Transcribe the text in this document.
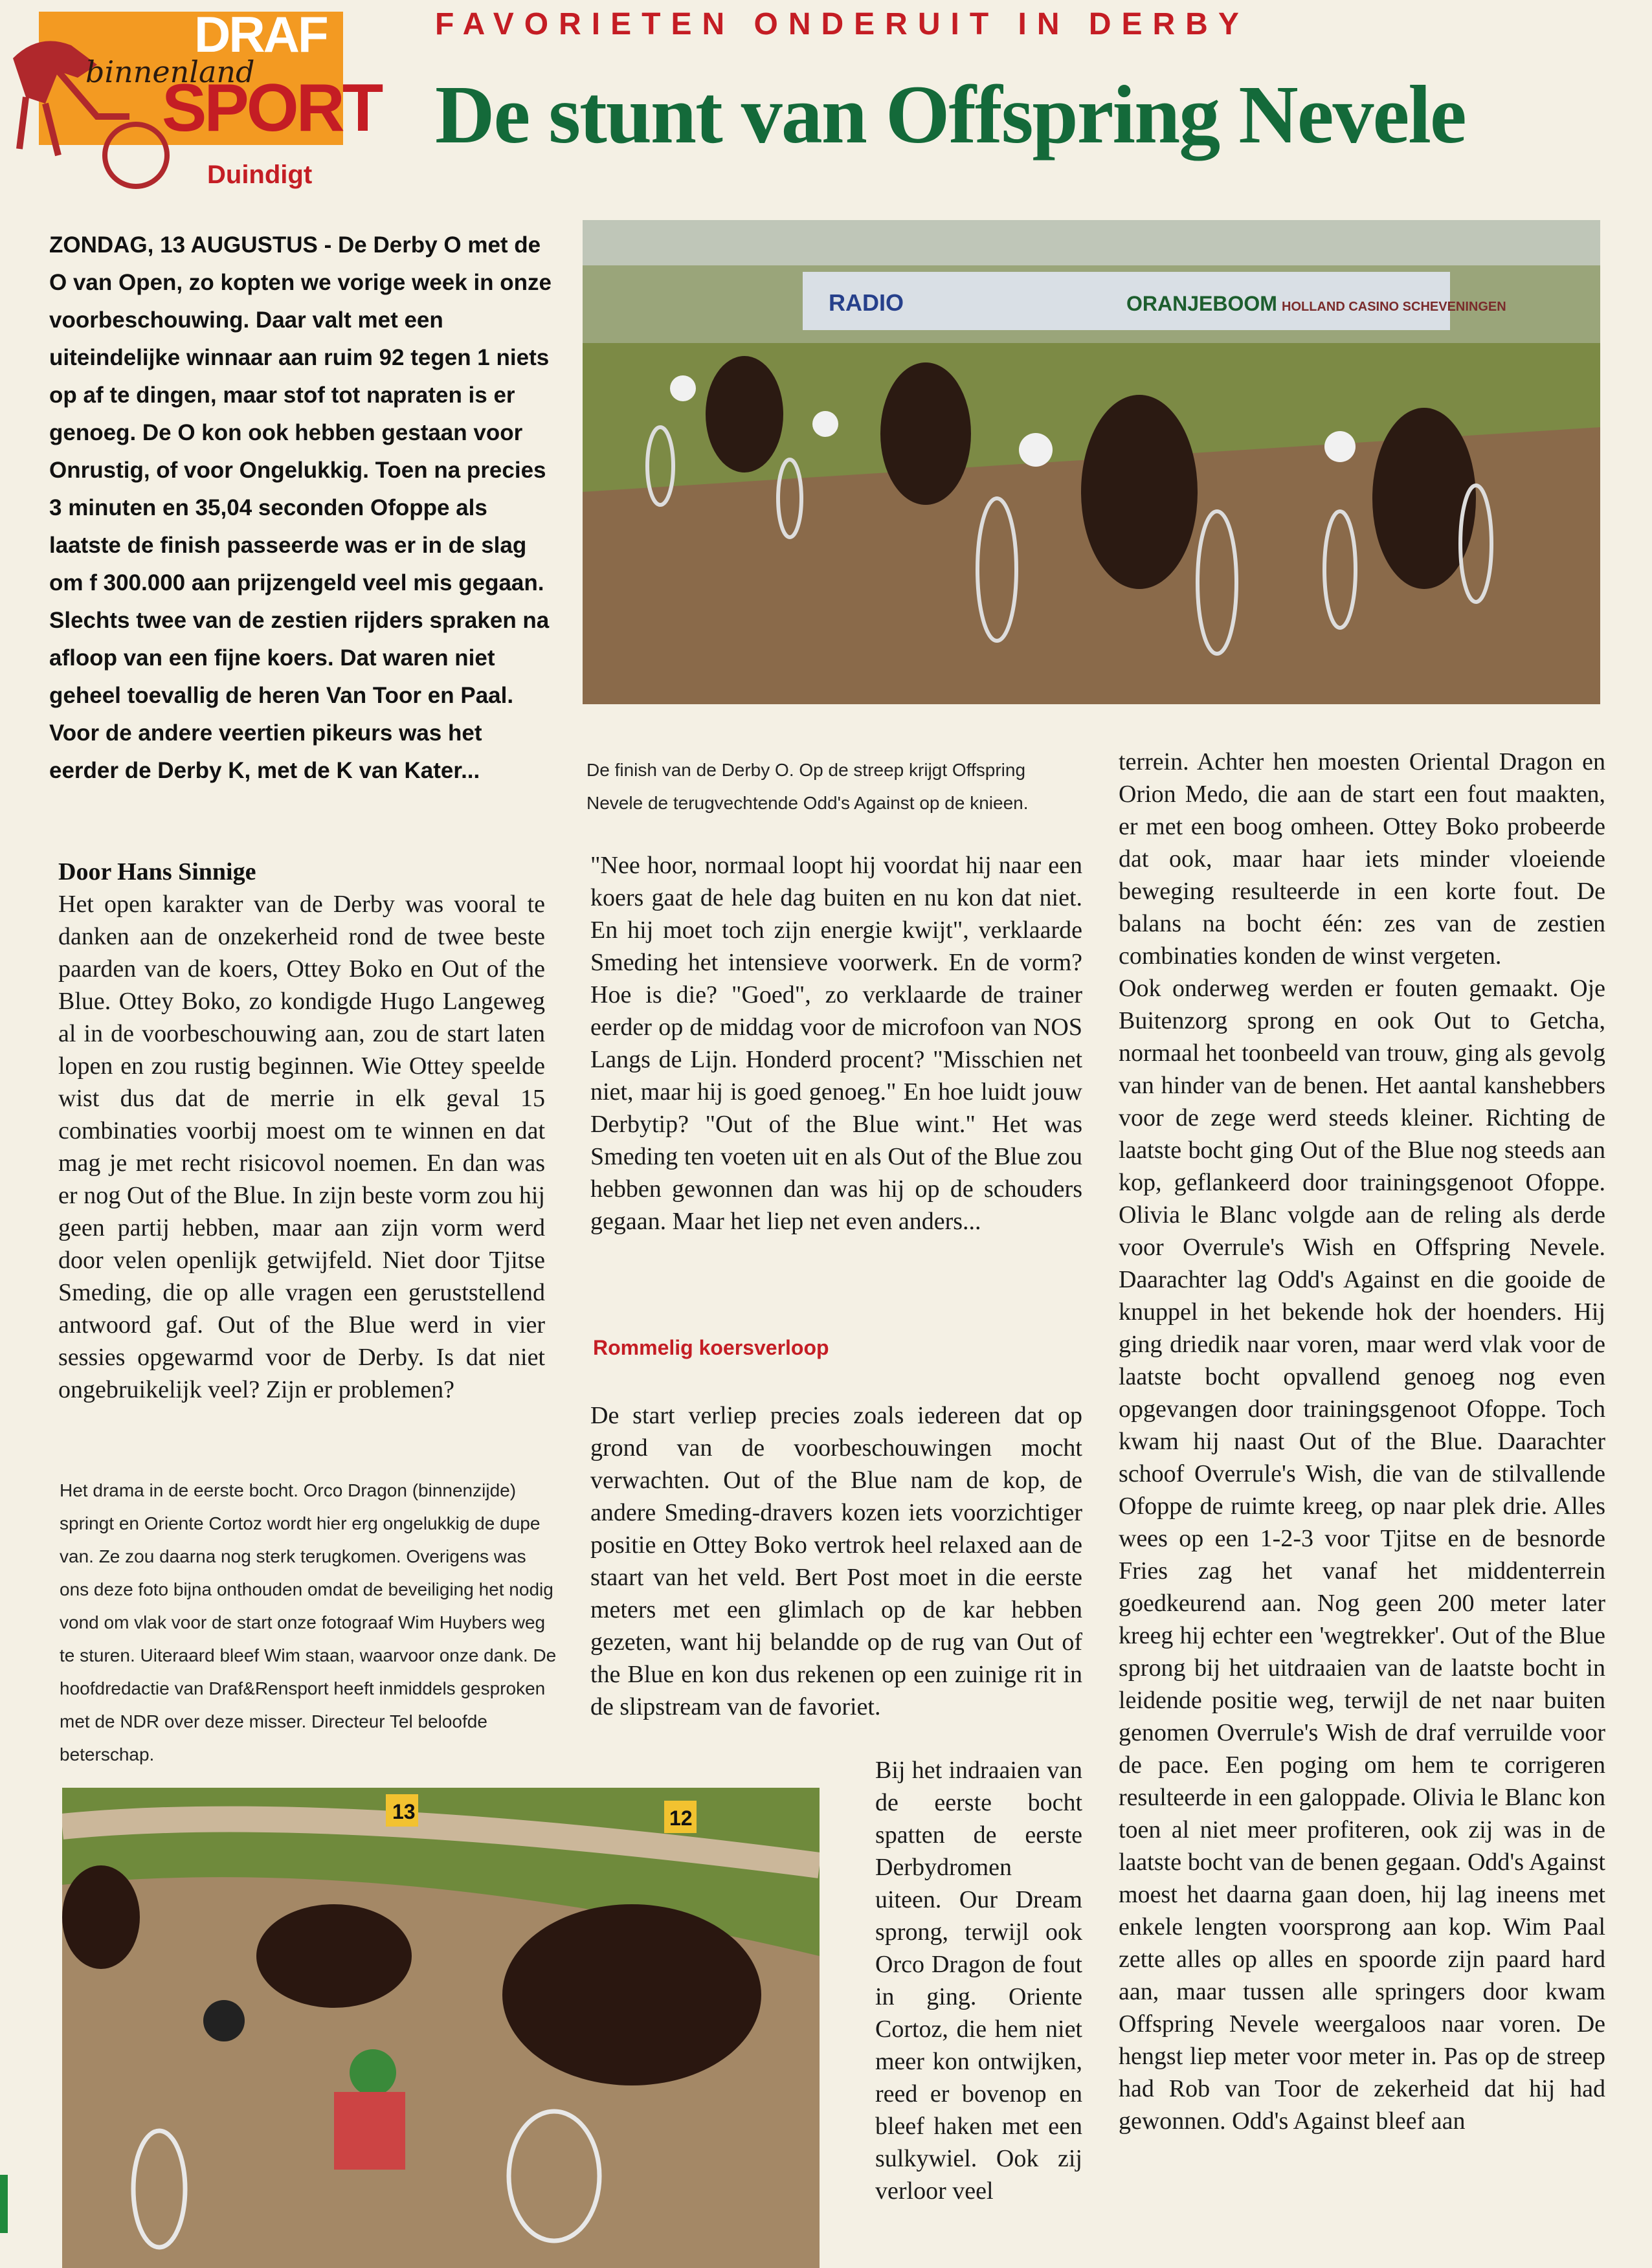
DRAF
binnenland
SPORT
Duindigt
FAVORIETEN ONDERUIT IN DERBY
De stunt van Offspring Nevele

ZONDAG, 13 AUGUSTUS - De Derby O met de O van Open, zo kopten we vorige week in onze voorbeschouwing. Daar valt met een uiteindelijke winnaar aan ruim 92 tegen 1 niets op af te dingen, maar stof tot napraten is er genoeg. De O kon ook hebben gestaan voor Onrustig, of voor Ongelukkig. Toen na precies 3 minuten en 35,04 seconden Ofoppe als laatste de finish passeerde was er in de slag om f 300.000 aan prijzengeld veel mis gegaan. Slechts twee van de zestien rijders spraken na afloop van een fijne koers. Dat waren niet geheel toevallig de heren Van Toor en Paal. Voor de andere veertien pikeurs was het eerder de Derby K, met de K van Kater...

RADIO	ORANJEBOOM HOLLAND CASINO SCHEVENINGEN
De finish van de Derby O. Op de streep krijgt Offspring Nevele de terugvechtende Odd's Against op de knieen.
Door Hans Sinnige

Het open karakter van de Derby was vooral te danken aan de onzekerheid rond de twee beste paarden van de koers, Ottey Boko en Out of the Blue. Ottey Boko, zo kondigde Hugo Langeweg al in de voorbeschouwing aan, zou de start laten lopen en zou rustig beginnen. Wie Ottey speelde wist dus dat de merrie in elk geval 15 combinaties voorbij moest om te winnen en dat mag je met recht risicovol noemen. En dan was er nog Out of the Blue. In zijn beste vorm zou hij geen partij hebben, maar aan zijn vorm werd door velen openlijk getwijfeld. Niet door Tjitse Smeding, die op alle vragen een geruststellend antwoord gaf. Out of the Blue werd in vier sessies opgewarmd voor de Derby. Is dat niet ongebruikelijk veel? Zijn er problemen?

Het drama in de eerste bocht. Orco Dragon (binnenzijde) springt en Oriente Cortoz wordt hier erg ongelukkig de dupe van. Ze zou daarna nog sterk terugkomen. Overigens was ons deze foto bijna onthouden omdat de beveiliging het nodig vond om vlak voor de start onze fotograaf Wim Huybers weg te sturen. Uiteraard bleef Wim staan, waarvoor onze dank. De hoofdredactie van Draf&Rensport heeft inmiddels gesproken met de NDR over deze misser. Directeur Tel beloofde beterschap.

"Nee hoor, normaal loopt hij voordat hij naar een koers gaat de hele dag buiten en nu kon dat niet. En hij moet toch zijn energie kwijt", verklaarde Smeding het intensieve voorwerk. En de vorm? Hoe is die? "Goed", zo verklaarde de trainer eerder op de middag voor de microfoon van NOS Langs de Lijn. Honderd procent? "Misschien net niet, maar hij is goed genoeg." En hoe luidt jouw Derbytip? "Out of the Blue wint." Het was Smeding ten voeten uit en als Out of the Blue zou hebben gewonnen dan was hij op de schouders gegaan. Maar het liep net even anders...

Rommelig koersverloop

De start verliep precies zoals iedereen dat op grond van de voorbeschouwingen mocht verwachten. Out of the Blue nam de kop, de andere Smeding-dravers kozen iets voorzichtiger positie en Ottey Boko vertrok heel relaxed aan de staart van het veld. Bert Post moet in die eerste meters met een glimlach op de kar hebben gezeten, want hij belandde op de rug van Out of the Blue en kon dus rekenen op een zuinige rit in de slipstream van de favoriet.

Bij het indraaien van de eerste bocht spatten de eerste Derbydromen uiteen. Our Dream sprong, terwijl ook Orco Dragon de fout in ging. Oriente Cortoz, die hem niet meer kon ontwijken, reed er bovenop en bleef haken met een sulkywiel. Ook zij verloor veel

terrein. Achter hen moesten Oriental Dragon en Orion Medo, die aan de start een fout maakten, er met een boog omheen. Ottey Boko probeerde dat ook, maar haar iets minder vloeiende beweging resulteerde in een korte fout. De balans na bocht één: zes van de zestien combinaties konden de winst vergeten.
Ook onderweg werden er fouten gemaakt. Oje Buitenzorg sprong en ook Out to Getcha, normaal het toonbeeld van trouw, ging als gevolg van hinder van de benen. Het aantal kanshebbers voor de zege werd steeds kleiner. Richting de laatste bocht ging Out of the Blue nog steeds aan kop, geflankeerd door trainingsgenoot Ofoppe. Olivia le Blanc volgde aan de reling als derde voor Overrule's Wish en Offspring Nevele. Daarachter lag Odd's Against en die gooide de knuppel in het bekende hok der hoenders. Hij ging driedik naar voren, maar werd vlak voor de laatste bocht opvallend genoeg nog even opgevangen door trainingsgenoot Ofoppe. Toch kwam hij naast Out of the Blue. Daarachter schoof Overrule's Wish, die van de stilvallende Ofoppe de ruimte kreeg, op naar plek drie. Alles wees op een 1-2-3 voor Tjitse en de besnorde Fries zag het vanaf het middenterrein goedkeurend aan. Nog geen 200 meter later kreeg hij echter een 'wegtrekker'. Out of the Blue sprong bij het uitdraaien van de laatste bocht in leidende positie weg, terwijl de net naar buiten genomen Overrule's Wish de draf verruilde voor de pace. Een poging om hem te corrigeren resulteerde in een galoppade. Olivia le Blanc kon toen al niet meer profiteren, ook zij was in de laatste bocht van de benen gegaan. Odd's Against moest het daarna gaan doen, hij lag ineens met enkele lengten voorsprong aan kop. Wim Paal zette alles op alles en spoorde zijn paard hard aan, maar tussen alle springers door kwam Offspring Nevele weergaloos naar voren. De hengst liep meter voor meter in. Pas op de streep had Rob van Toor de zekerheid dat hij had gewonnen. Odd's Against bleef aan

13	12
